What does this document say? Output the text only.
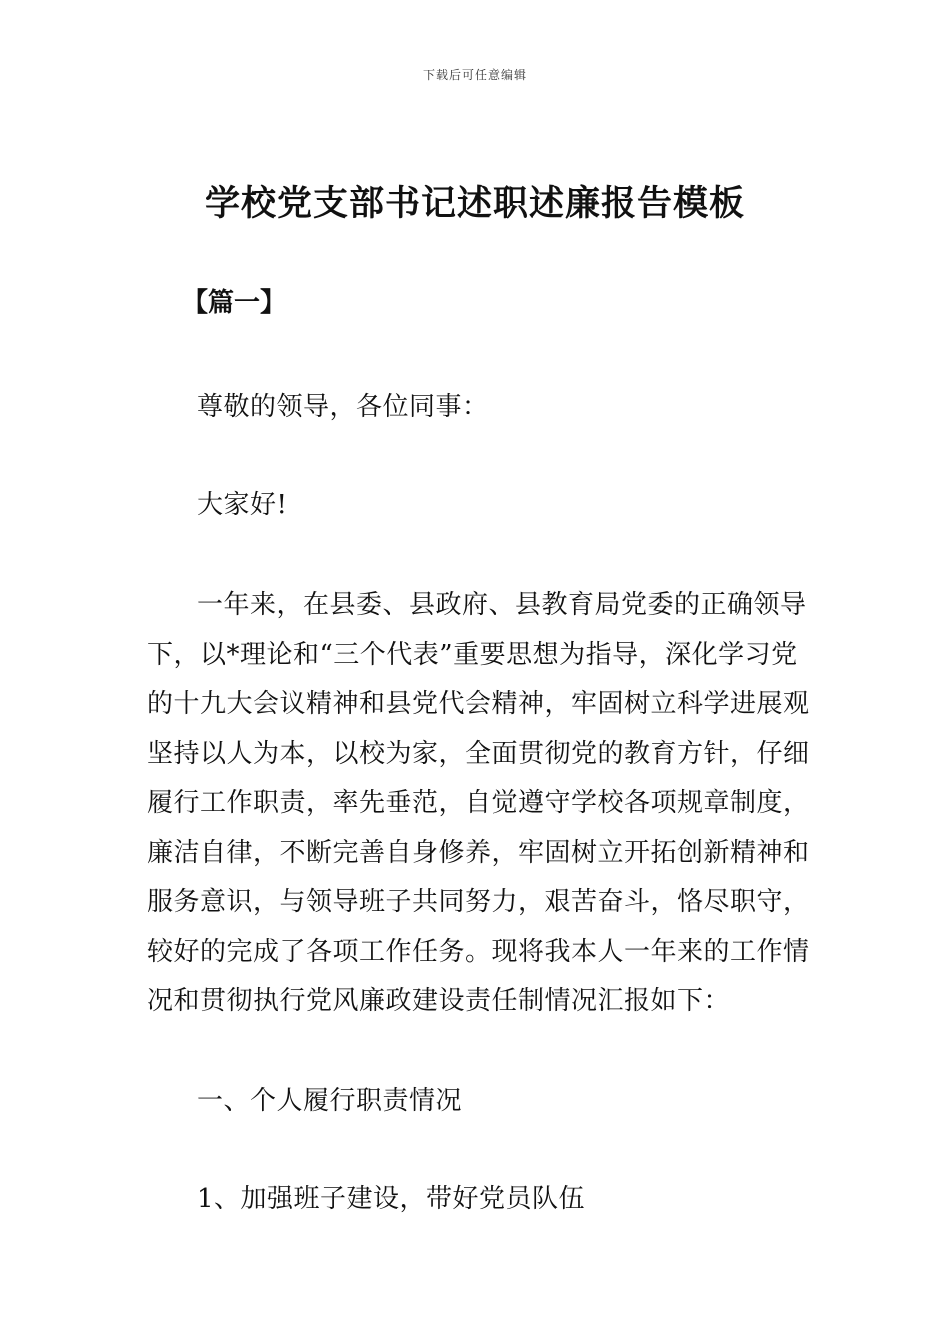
下载后可任意编辑
学校党支部书记述职述廉报告模板
【篇一】
尊敬的领导，各位同事：
大家好!
一年来，在县委、县政府、县教育局党委的正确领导
下，以*理论和“三个代表”重要思想为指导，深化学习党
的十九大会议精神和县党代会精神，牢固树立科学进展观
坚持以人为本，以校为家，全面贯彻党的教育方针，仔细
履行工作职责，率先垂范，自觉遵守学校各项规章制度，
廉洁自律，不断完善自身修养，牢固树立开拓创新精神和
服务意识，与领导班子共同努力，艰苦奋斗，恪尽职守，
较好的完成了各项工作任务。现将我本人一年来的工作情
况和贯彻执行党风廉政建设责任制情况汇报如下：
一、个人履行职责情况
1、加强班子建设，带好党员队伍
